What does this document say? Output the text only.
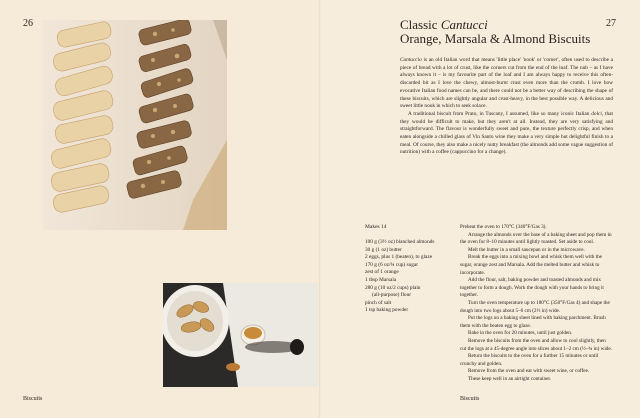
26
Biscuits
27
Classic Cantucci
Orange, Marsala & Almond Biscuits

Cantuccio is an old Italian word that means 'little place' 'nook' or 'corner', often used to describe a piece of bread with a lot of crust, like the corners cut from the end of the loaf. The nub – as I have always known it – is my favourite part of the loaf and I am always happy to receive this often-discarded bit as I love the chewy, almost-burnt crust even more than the crumb. I love how evocative Italian food names can be, and there could not be a better way of describing the shape of these biscuits, which are slightly angular and crust-heavy, in the best possible way. A delicious and sweet little nook in which to seek solace.

A traditional biscuit from Prato, in Tuscany, I assumed, like so many iconic Italian dolci, that they would be difficult to make, but they aren't at all. Instead, they are very satisfying and straightforward. The flavour is wonderfully sweet and pure, the texture perfectly crisp, and when eaten alongside a chilled glass of Vin Santo wine they make a very simple but delightful finish to a meal. Of course, they also make a nicely nutty breakfast (the almonds add some vague suggestion of nutrition) with a coffee (cappuccino for a change).

Makes 14
100 g (3½ oz) blanched almonds
30 g (1 oz) butter
2 eggs, plus 1 (beaten), to glaze
170 g (6 oz/¾ cup) sugar
zest of 1 orange
1 tbsp Marsala
280 g (10 oz/2 cups) plain
(all-purpose) flour
pinch of salt
1 tsp baking powder

Preheat the oven to 170°C (340°F/Gas 3).

Arrange the almonds over the base of a baking sheet and pop them in the oven for 8–10 minutes until lightly toasted. Set aside to cool.

Melt the butter in a small saucepan or in the microwave.

Break the eggs into a mixing bowl and whisk them well with the sugar, orange zest and Marsala. Add the melted butter and whisk to incorporate.

Add the flour, salt, baking powder and toasted almonds and mix together to form a dough. Work the dough with your hands to bring it together.

Turn the oven temperature up to 180°C (350°F/Gas 4) and shape the dough into two logs about 5–6 cm (2½ in) wide.

Put the logs on a baking sheet lined with baking parchment. Brush them with the beaten egg to glaze.

Bake in the oven for 20 minutes, until just golden.

Remove the biscuits from the oven and allow to cool slightly, then cut the logs at a 45-degree angle into slices about 1–2 cm (½–¾ in) wide.

Return the biscuits to the oven for a further 15 minutes or until crunchy and golden.

Remove from the oven and eat with sweet wine, or coffee.

These keep well in an airtight container.

Biscuits
